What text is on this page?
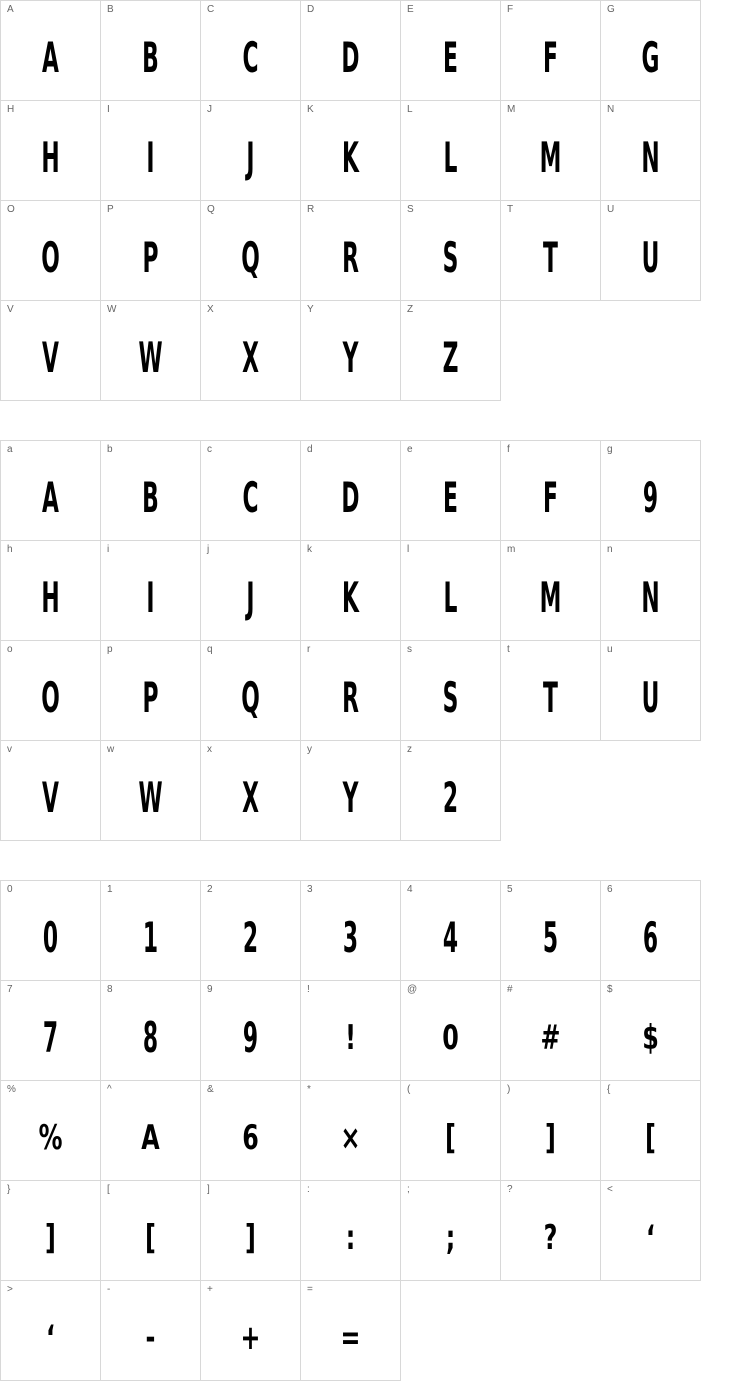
A
A
B
B
C
C
D
D
E
E
F
F
G
G
H
H
I
I
J
J
K
K
L
L
M
M
N
N
O
O
P
P
Q
Q
R
R
S
S
T
T
U
U
V
V
W
W
X
X
Y
Y
Z
Z
a
A
b
B
c
C
d
D
e
E
f
F
g
9
h
H
i
I
j
J
k
K
l
L
m
M
n
N
o
O
p
P
q
Q
r
R
s
S
t
T
u
U
v
V
w
W
x
X
y
Y
z
2
0
0
1
1
2
2
3
3
4
4
5
5
6
6
7
7
8
8
9
9
!
!
@
0
#
#
$
$
%
%
^
A
&
6
*
×
(
[
)
]
{
[
}
]
[
[
]
]
:
:
;
;
?
?
<
‘
>
‘
-
-
+
+
=
=
